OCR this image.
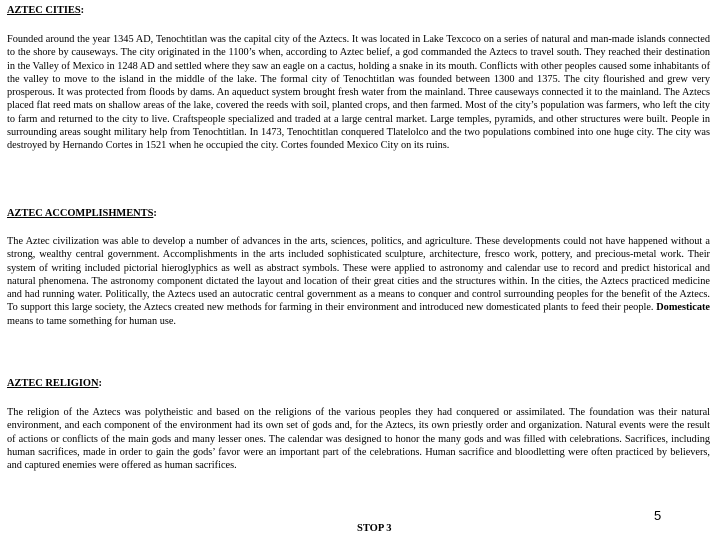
AZTEC CITIES:

Founded around the year 1345 AD, Tenochtitlan was the capital city of the Aztecs. It was located in Lake Texcoco on a series of natural and man-made islands connected to the shore by causeways. The city originated in the 1100’s when, according to Aztec belief, a god commanded the Aztecs to travel south. They reached their destination in the Valley of Mexico in 1248 AD and settled where they saw an eagle on a cactus, holding a snake in its mouth. Conflicts with other peoples caused some inhabitants of the valley to move to the island in the middle of the lake. The formal city of Tenochtitlan was founded between 1300 and 1375. The city flourished and grew very prosperous. It was protected from floods by dams. An aqueduct system brought fresh water from the mainland. Three causeways connected it to the mainland. The Aztecs placed flat reed mats on shallow areas of the lake, covered the reeds with soil, planted crops, and then farmed. Most of the city’s population was farmers, who left the city to farm and returned to the city to live. Craftspeople specialized and traded at a large central market. Large temples, pyramids, and other structures were built. People in surrounding areas sought military help from Tenochtitlan. In 1473, Tenochtitlan conquered Tlatelolco and the two populations combined into one huge city. The city was destroyed by Hernando Cortes in 1521 when he occupied the city. Cortes founded Mexico City on its ruins.

AZTEC ACCOMPLISHMENTS:

The Aztec civilization was able to develop a number of advances in the arts, sciences, politics, and agriculture. These developments could not have happened without a strong, wealthy central government. Accomplishments in the arts included sophisticated sculpture, architecture, fresco work, pottery, and precious-metal work. Their system of writing included pictorial hieroglyphics as well as abstract symbols. These were applied to astronomy and calendar use to record and predict historical and natural phenomena. The astronomy component dictated the layout and location of their great cities and the structures within. In the cities, the Aztecs practiced medicine and had running water. Politically, the Aztecs used an autocratic central government as a means to conquer and control surrounding peoples for the benefit of the Aztecs. To support this large society, the Aztecs created new methods for farming in their environment and introduced new domesticated plants to feed their people. Domesticate means to tame something for human use.

AZTEC RELIGION:

The religion of the Aztecs was polytheistic and based on the religions of the various peoples they had conquered or assimilated. The foundation was their natural environment, and each component of the environment had its own set of gods and, for the Aztecs, its own priestly order and organization. Natural events were the result of actions or conflicts of the main gods and many lesser ones. The calendar was designed to honor the many gods and was filled with celebrations. Sacrifices, including human sacrifices, made in order to gain the gods’ favor were an important part of the celebrations. Human sacrifice and bloodletting were often practiced by believers, and captured enemies were offered as human sacrifices.

5
STOP 3
